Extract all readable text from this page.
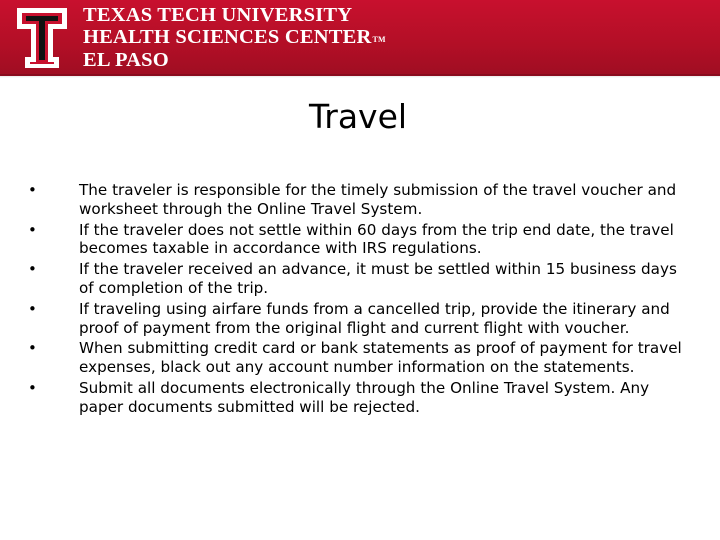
TEXAS TECH UNIVERSITY
HEALTH SCIENCES CENTERTM
EL PASO
Travel
•	The traveler is responsible for the timely submission of the travel voucher and worksheet through the Online Travel System.
•	If the traveler does not settle within 60 days from the trip end date, the travel becomes taxable in accordance with IRS regulations.
•	If the traveler received an advance, it must be settled within 15 business days of completion of the trip.
•	If traveling using airfare funds from a cancelled trip, provide the itinerary and proof of payment from the original flight and current flight with voucher.
•	When submitting credit card or bank statements as proof of payment for travel expenses, black out any account number information on the statements.
•	Submit all documents electronically through the Online Travel System. Any paper documents submitted will be rejected.
